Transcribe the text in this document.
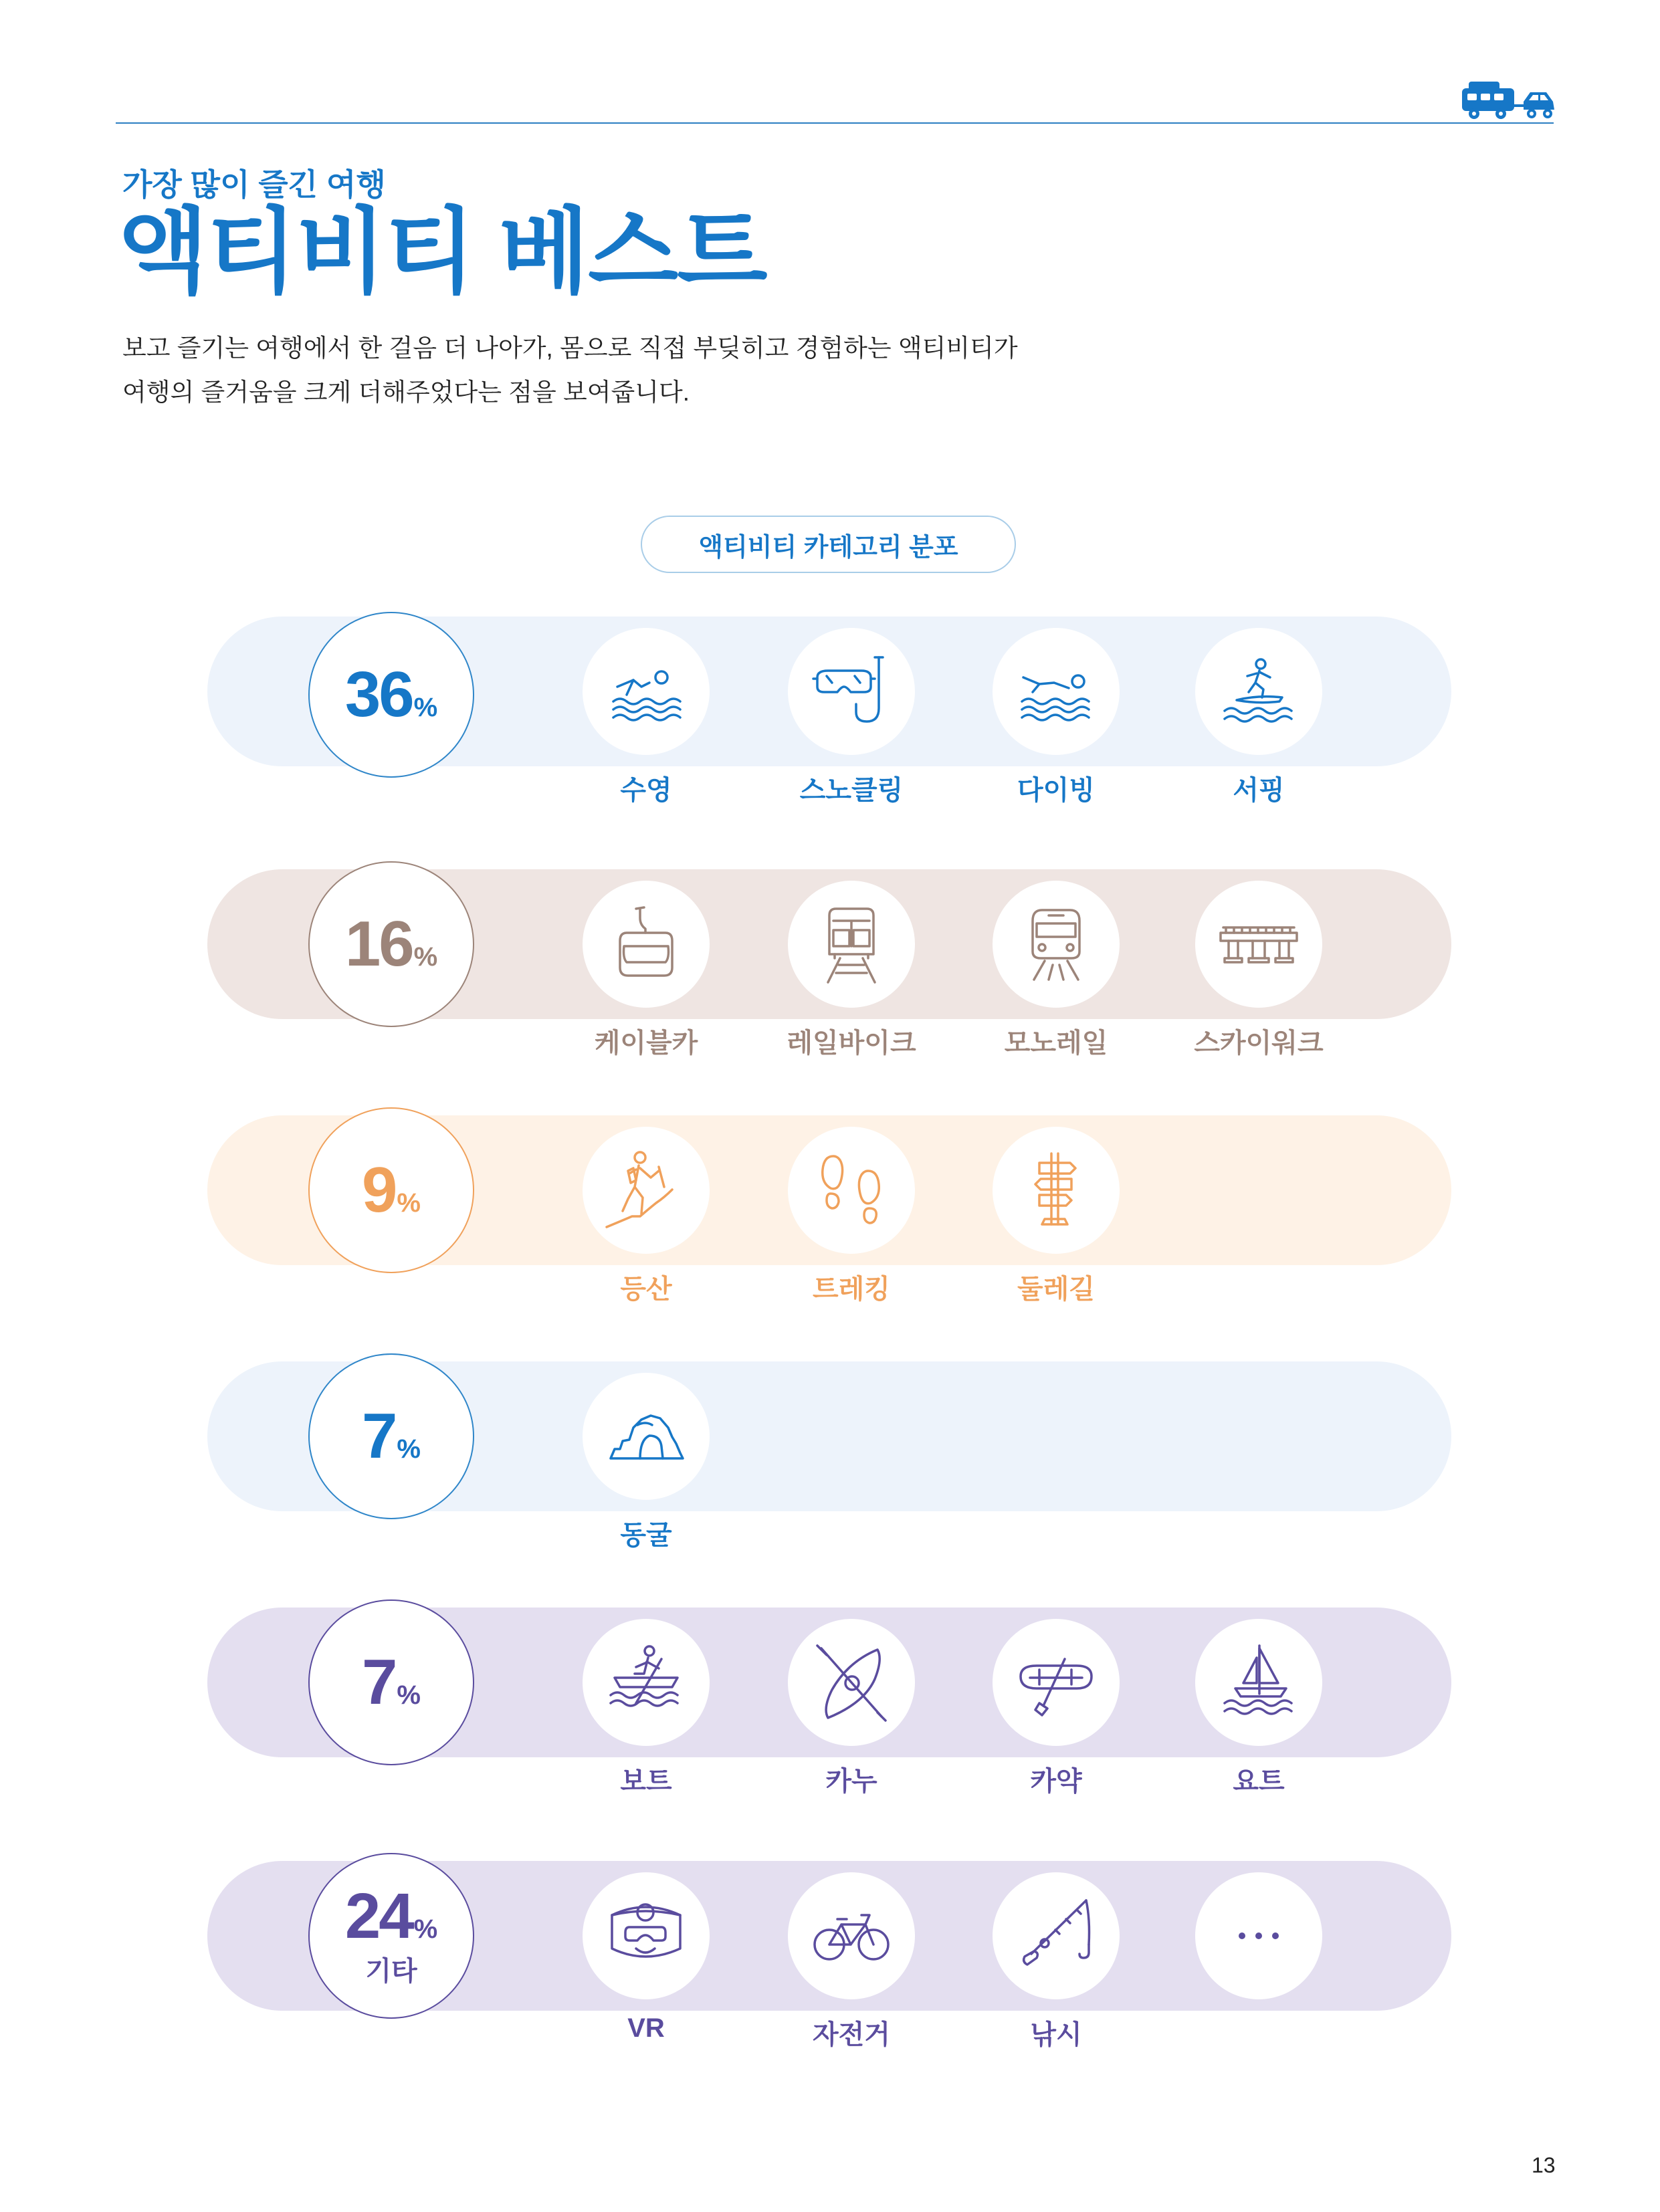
가장 많이 즐긴 여행
액티비티 베스트
보고 즐기는 여행에서 한 걸음 더 나아가, 몸으로 직접 부딪히고 경험하는 액티비티가
여행의 즐거움을 크게 더해주었다는 점을 보여줍니다.
액티비티 카테고리 분포
36 %
16 %
9 %
7 %
7 %
24 %
기타
수영	스노클링	다이빙	서핑
케이블카	레일바이크	모노레일	스카이워크
등산	트레킹	둘레길
동굴
보트	카누	카약	요트
VR	자전거	낚시
13
